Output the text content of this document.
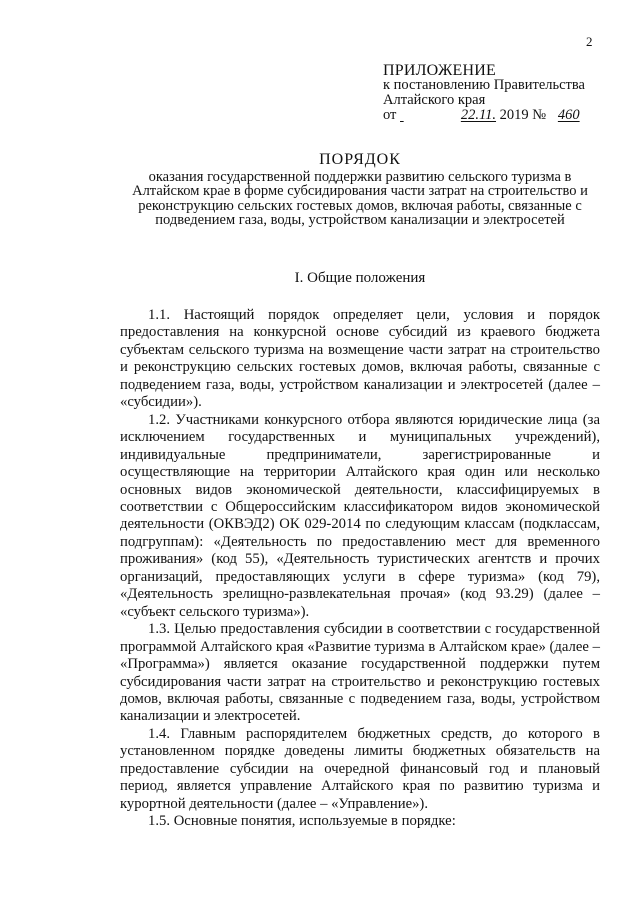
2
ПРИЛОЖЕНИЕ
к постановлению Правительства
Алтайского края
от	22.11. 2019 № 460
ПОРЯДОК
оказания государственной поддержки развитию сельского туризма в Алтайском крае в форме субсидирования части затрат на строительство и реконструкцию сельских гостевых домов, включая работы, связанные с подведением газа, воды, устройством канализации и электросетей
I. Общие положения

1.1. Настоящий порядок определяет цели, условия и порядок предоставления на конкурсной основе субсидий из краевого бюджета субъектам сельского туризма на возмещение части затрат на строительство и реконструкцию сельских гостевых домов, включая работы, связанные с подведением газа, воды, устройством канализации и электросетей (далее – «субсидии»).

1.2. Участниками конкурсного отбора являются юридические лица (за исключением государственных и муниципальных учреждений), индивидуальные предприниматели, зарегистрированные и осуществляющие на территории Алтайского края один или несколько основных видов экономической деятельности, классифицируемых в соответствии с Общероссийским классификатором видов экономической деятельности (ОКВЭД2) ОК 029-2014 по следующим классам (подклассам, подгруппам): «Деятельность по предоставлению мест для временного проживания» (код 55), «Деятельность туристических агентств и прочих организаций, предоставляющих услуги в сфере туризма» (код 79), «Деятельность зрелищно-развлекательная прочая» (код 93.29) (далее – «субъект сельского туризма»).

1.3. Целью предоставления субсидии в соответствии с государственной программой Алтайского края «Развитие туризма в Алтайском крае» (далее – «Программа») является оказание государственной поддержки путем субсидирования части затрат на строительство и реконструкцию гостевых домов, включая работы, связанные с подведением газа, воды, устройством канализации и электросетей.

1.4. Главным распорядителем бюджетных средств, до которого в установленном порядке доведены лимиты бюджетных обязательств на предоставление субсидии на очередной финансовый год и плановый период, является управление Алтайского края по развитию туризма и курортной деятельности (далее – «Управление»).

1.5. Основные понятия, используемые в порядке:
